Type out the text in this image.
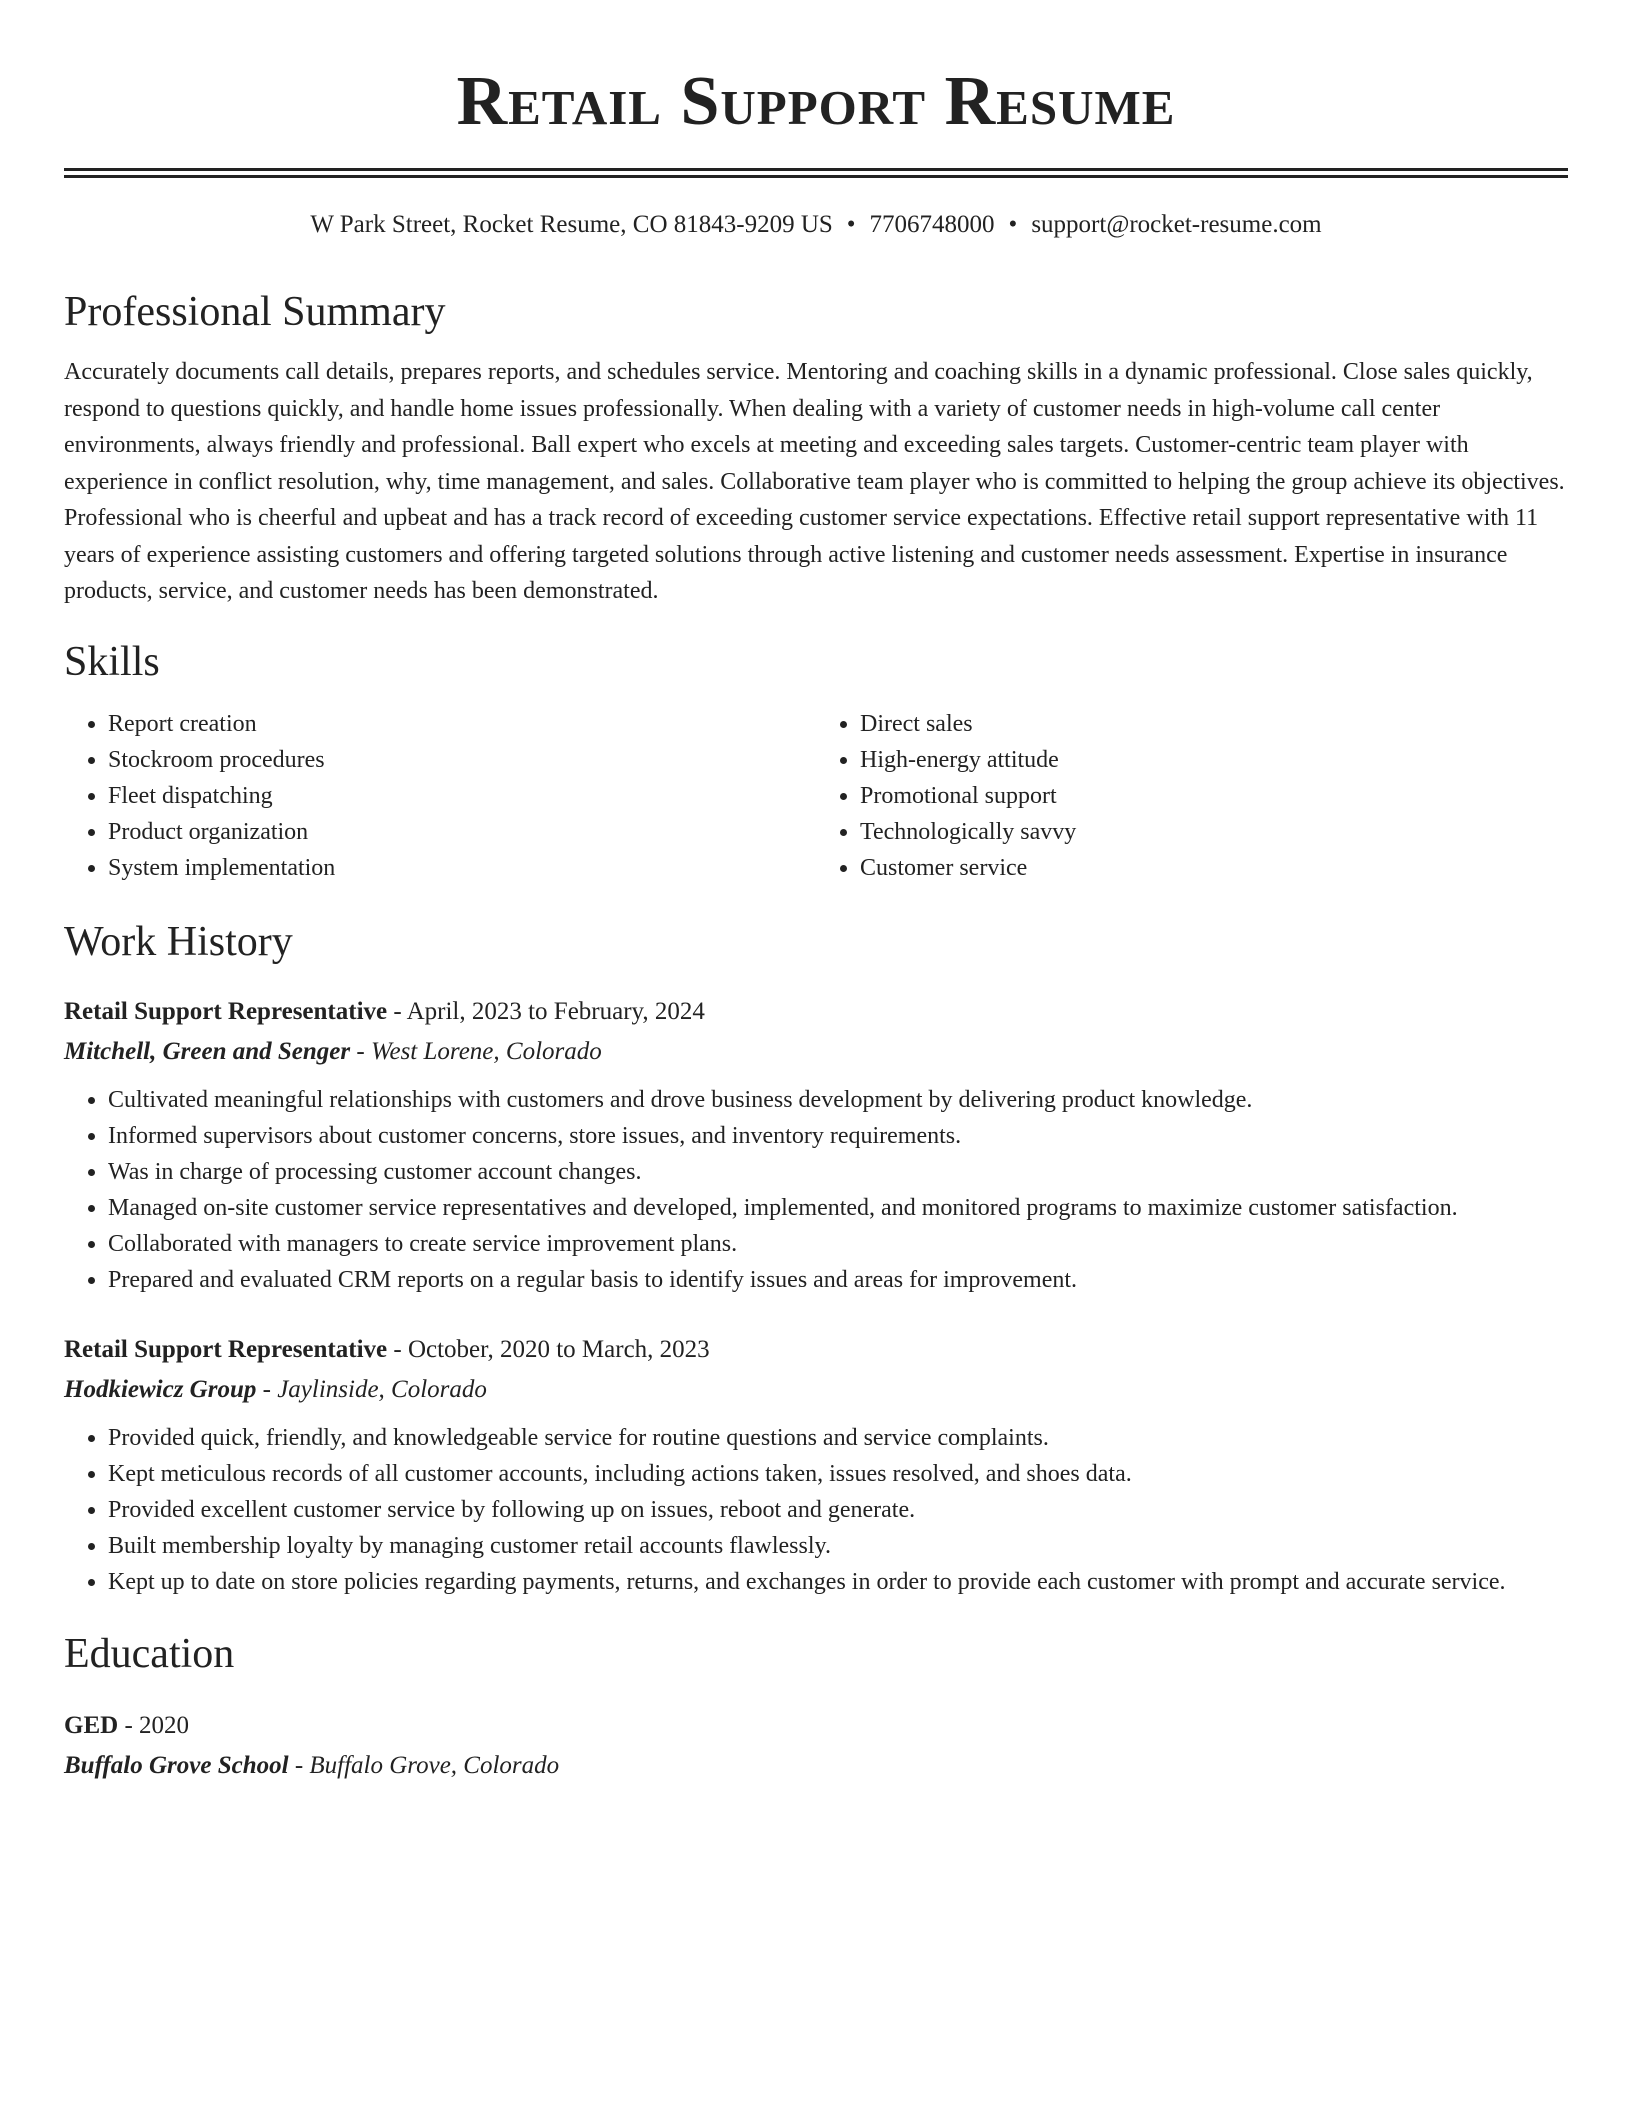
Retail Support Resume
W Park Street, Rocket Resume, CO 81843-9209 US • 7706748000 • support@rocket-resume.com
Professional Summary

Accurately documents call details, prepares reports, and schedules service. Mentoring and coaching skills in a dynamic professional. Close sales quickly, respond to questions quickly, and handle home issues professionally. When dealing with a variety of customer needs in high-volume call center environments, always friendly and professional. Ball expert who excels at meeting and exceeding sales targets. Customer-centric team player with experience in conflict resolution, why, time management, and sales. Collaborative team player who is committed to helping the group achieve its objectives. Professional who is cheerful and upbeat and has a track record of exceeding customer service expectations. Effective retail support representative with 11 years of experience assisting customers and offering targeted solutions through active listening and customer needs assessment. Expertise in insurance products, service, and customer needs has been demonstrated.

Skills
• Report creation
• Stockroom procedures
• Fleet dispatching
• Product organization
• System implementation
• Direct sales
• High-energy attitude
• Promotional support
• Technologically savvy
• Customer service
Work History
Retail Support Representative - April, 2023 to February, 2024
Mitchell, Green and Senger - West Lorene, Colorado
• Cultivated meaningful relationships with customers and drove business development by delivering product knowledge.
• Informed supervisors about customer concerns, store issues, and inventory requirements.
• Was in charge of processing customer account changes.
• Managed on-site customer service representatives and developed, implemented, and monitored programs to maximize customer satisfaction.
• Collaborated with managers to create service improvement plans.
• Prepared and evaluated CRM reports on a regular basis to identify issues and areas for improvement.
Retail Support Representative - October, 2020 to March, 2023
Hodkiewicz Group - Jaylinside, Colorado
• Provided quick, friendly, and knowledgeable service for routine questions and service complaints.
• Kept meticulous records of all customer accounts, including actions taken, issues resolved, and shoes data.
• Provided excellent customer service by following up on issues, reboot and generate.
• Built membership loyalty by managing customer retail accounts flawlessly.
• Kept up to date on store policies regarding payments, returns, and exchanges in order to provide each customer with prompt and accurate service.
Education
GED - 2020
Buffalo Grove School - Buffalo Grove, Colorado
